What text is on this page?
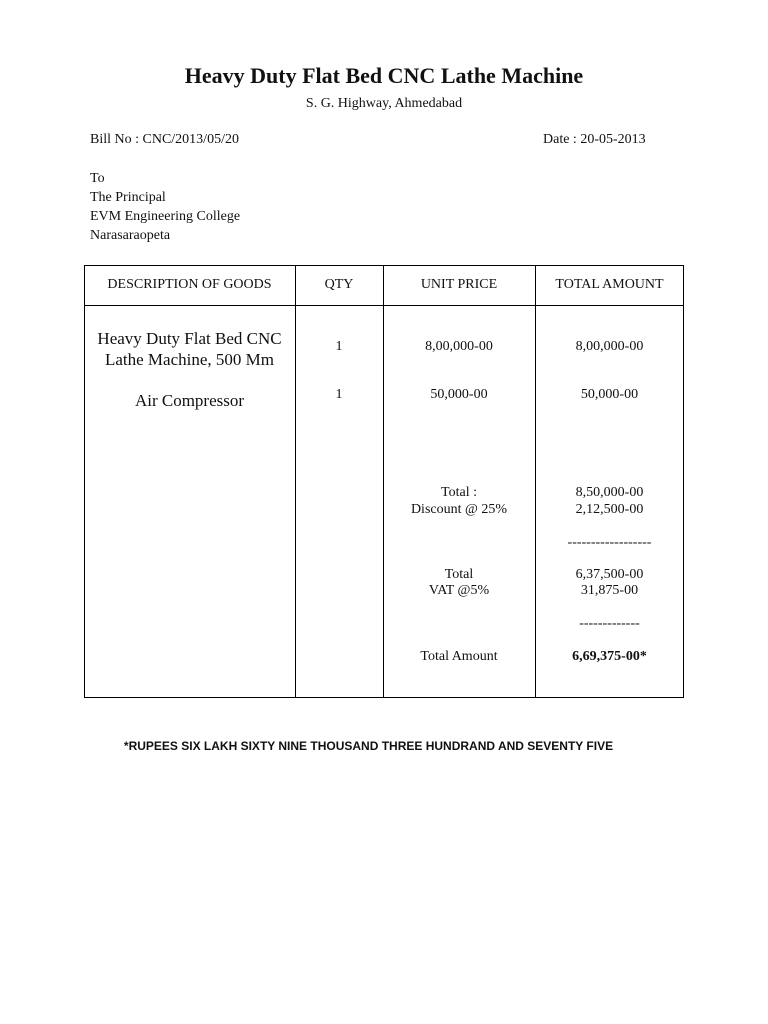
Heavy Duty Flat Bed CNC Lathe Machine
S. G. Highway, Ahmedabad
Bill No : CNC/2013/05/20	Date : 20-05-2013
To
The Principal
EVM Engineering College
Narasaraopeta
DESCRIPTION OF GOODS	QTY	UNIT PRICE	TOTAL AMOUNT
Heavy Duty Flat Bed CNC
Lathe Machine, 500 Mm
1	8,00,000-00	8,00,000-00
Air Compressor	1	50,000-00	50,000-00
Total :	8,50,000-00
Discount @ 25%	2,12,500-00
------------------
Total	6,37,500-00
VAT @5%	31,875-00
-------------
Total Amount	6,69,375-00*
*RUPEES SIX LAKH SIXTY NINE THOUSAND THREE HUNDRAND AND SEVENTY FIVE
